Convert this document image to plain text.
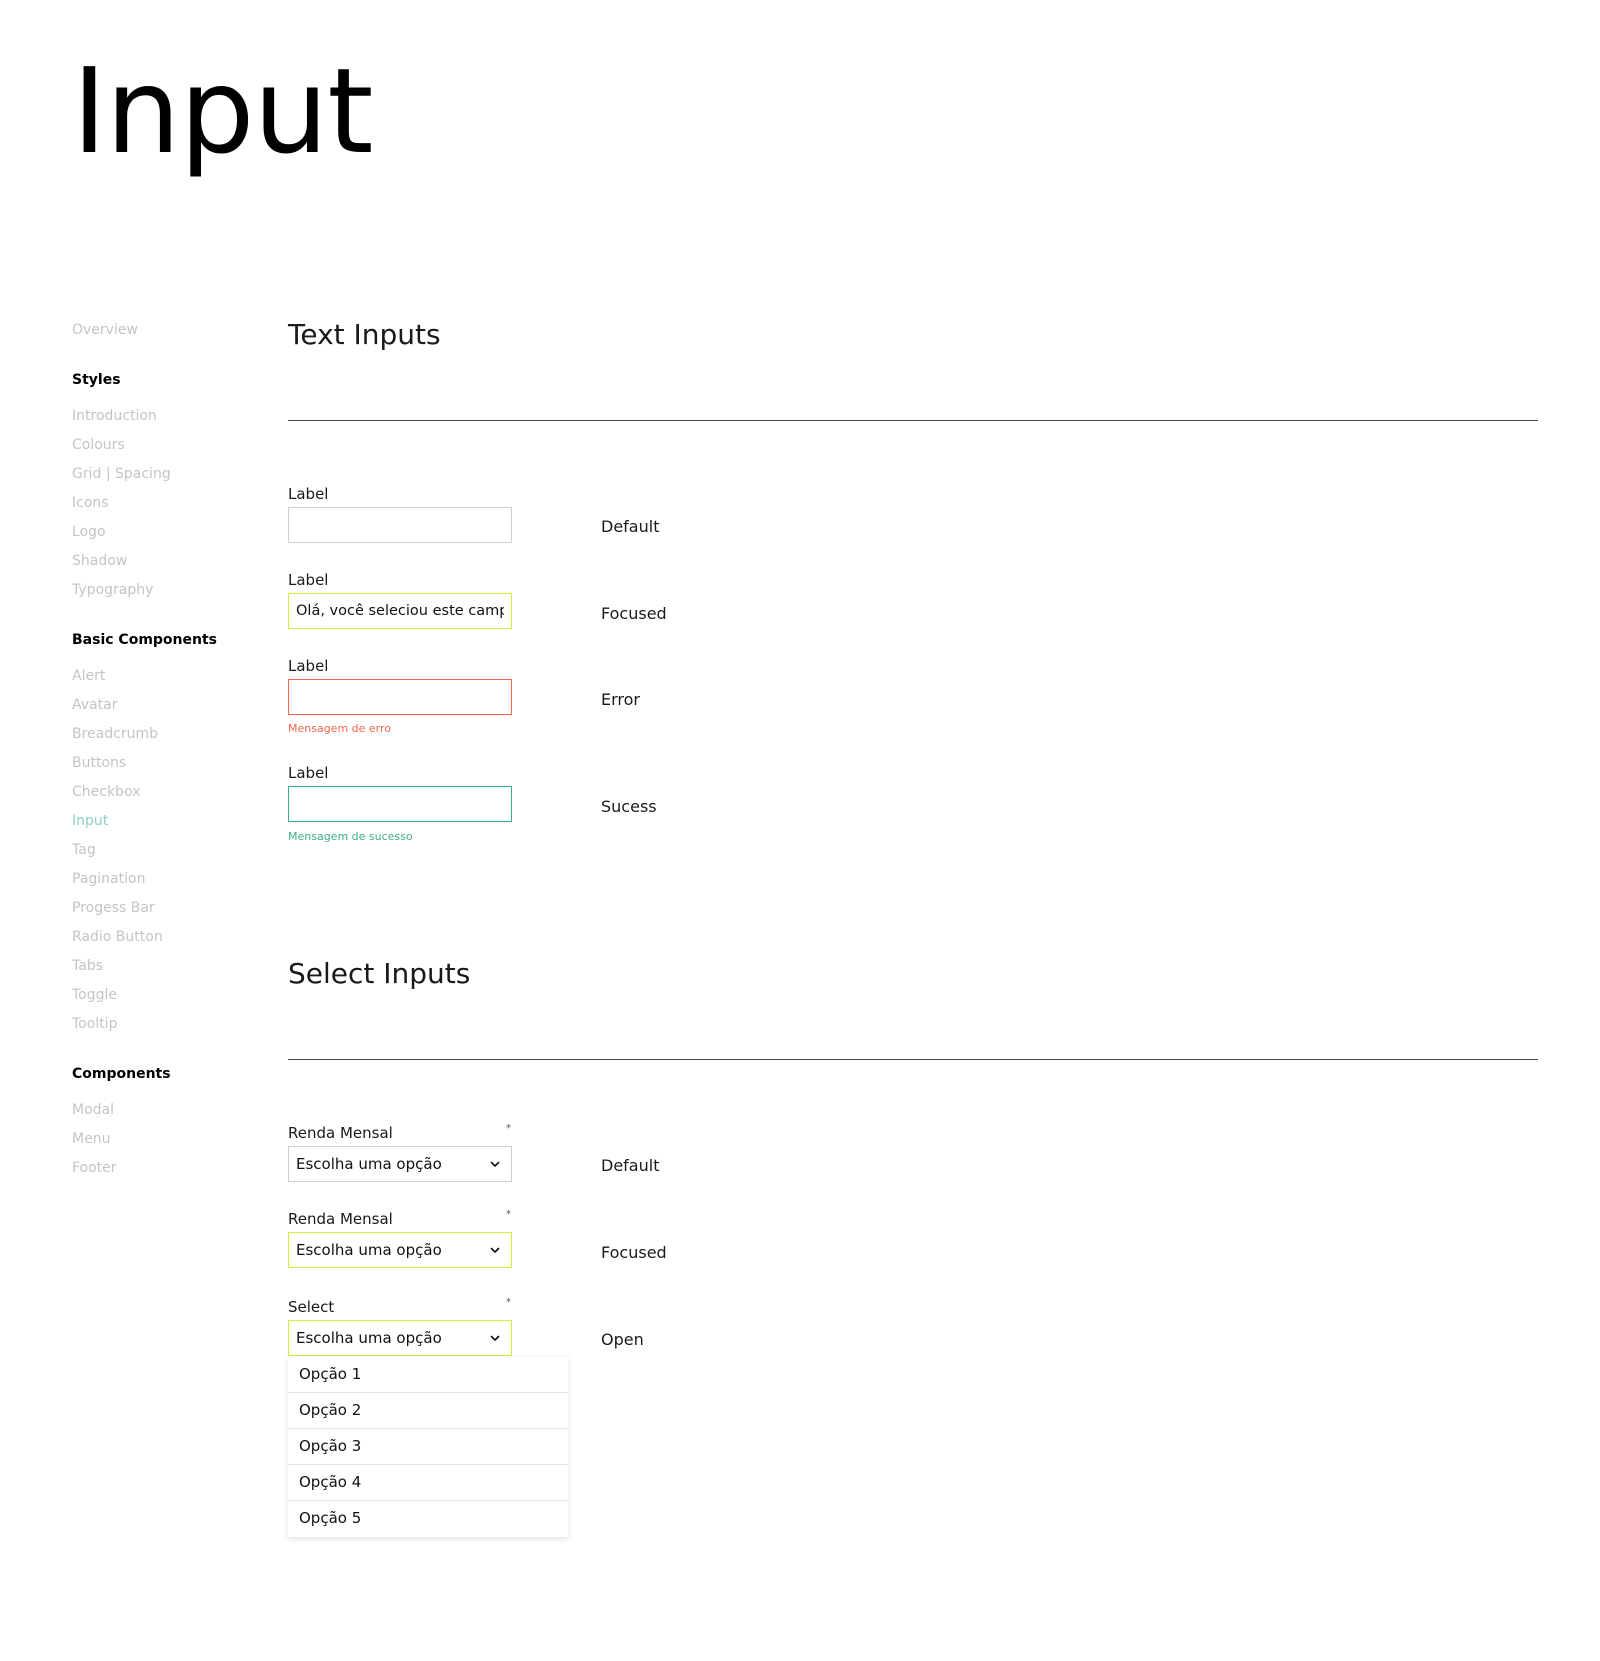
Input
Overview
Styles
Introduction
Colours
Grid | Spacing
Icons
Logo
Shadow
Typography
Basic Components
Alert
Avatar
Breadcrumb
Buttons
Checkbox
Input
Tag
Pagination
Progess Bar
Radio Button
Tabs
Toggle
Tooltip
Components
Modal
Menu
Footer
Text Inputs
Label
Default
Label
Olá, você seleciou este campo
Focused
Label
Mensagem de erro
Error
Label
Mensagem de sucesso
Sucess
Select Inputs
Renda Mensal	*
Escolha uma opção	Default
Renda Mensal	*
Escolha uma opção	Focused
Select	*
Escolha uma opção	Open
Opção 1
Opção 2
Opção 3
Opção 4
Opção 5
